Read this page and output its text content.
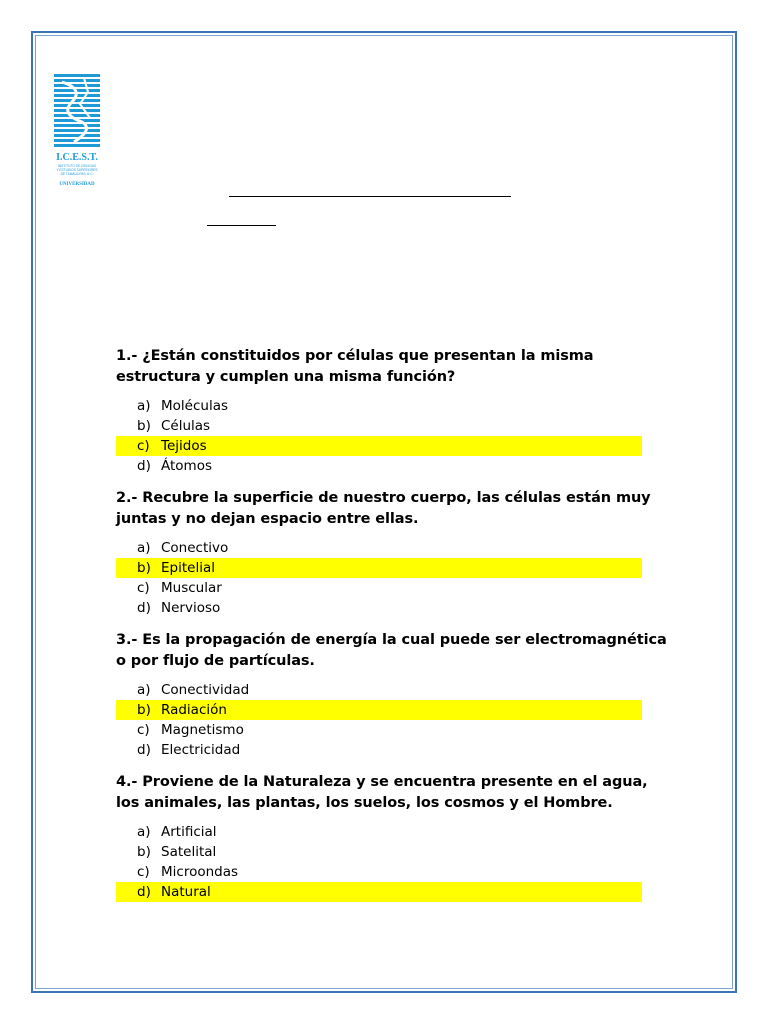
I.C.E.S.T.
INSTITUTO DE CIENCIAS
Y ESTUDIOS SUPERIORES
DE TAMAULIPAS, A.C.
UNIVERSIDAD

1.- ¿Están constituidos por células que presentan la misma estructura y cumplen una misma función?

a) Moléculas
b) Células
c) Tejidos
d) Átomos

2.- Recubre la superficie de nuestro cuerpo, las células están muy juntas y no dejan espacio entre ellas.

a) Conectivo
b) Epitelial
c) Muscular
d) Nervioso

3.- Es la propagación de energía la cual puede ser electromagnética o por flujo de partículas.

a) Conectividad
b) Radiación
c) Magnetismo
d) Electricidad

4.- Proviene de la Naturaleza y se encuentra presente en el agua, los animales, las plantas, los suelos, los cosmos y el Hombre.

a) Artificial
b) Satelital
c) Microondas
d) Natural
